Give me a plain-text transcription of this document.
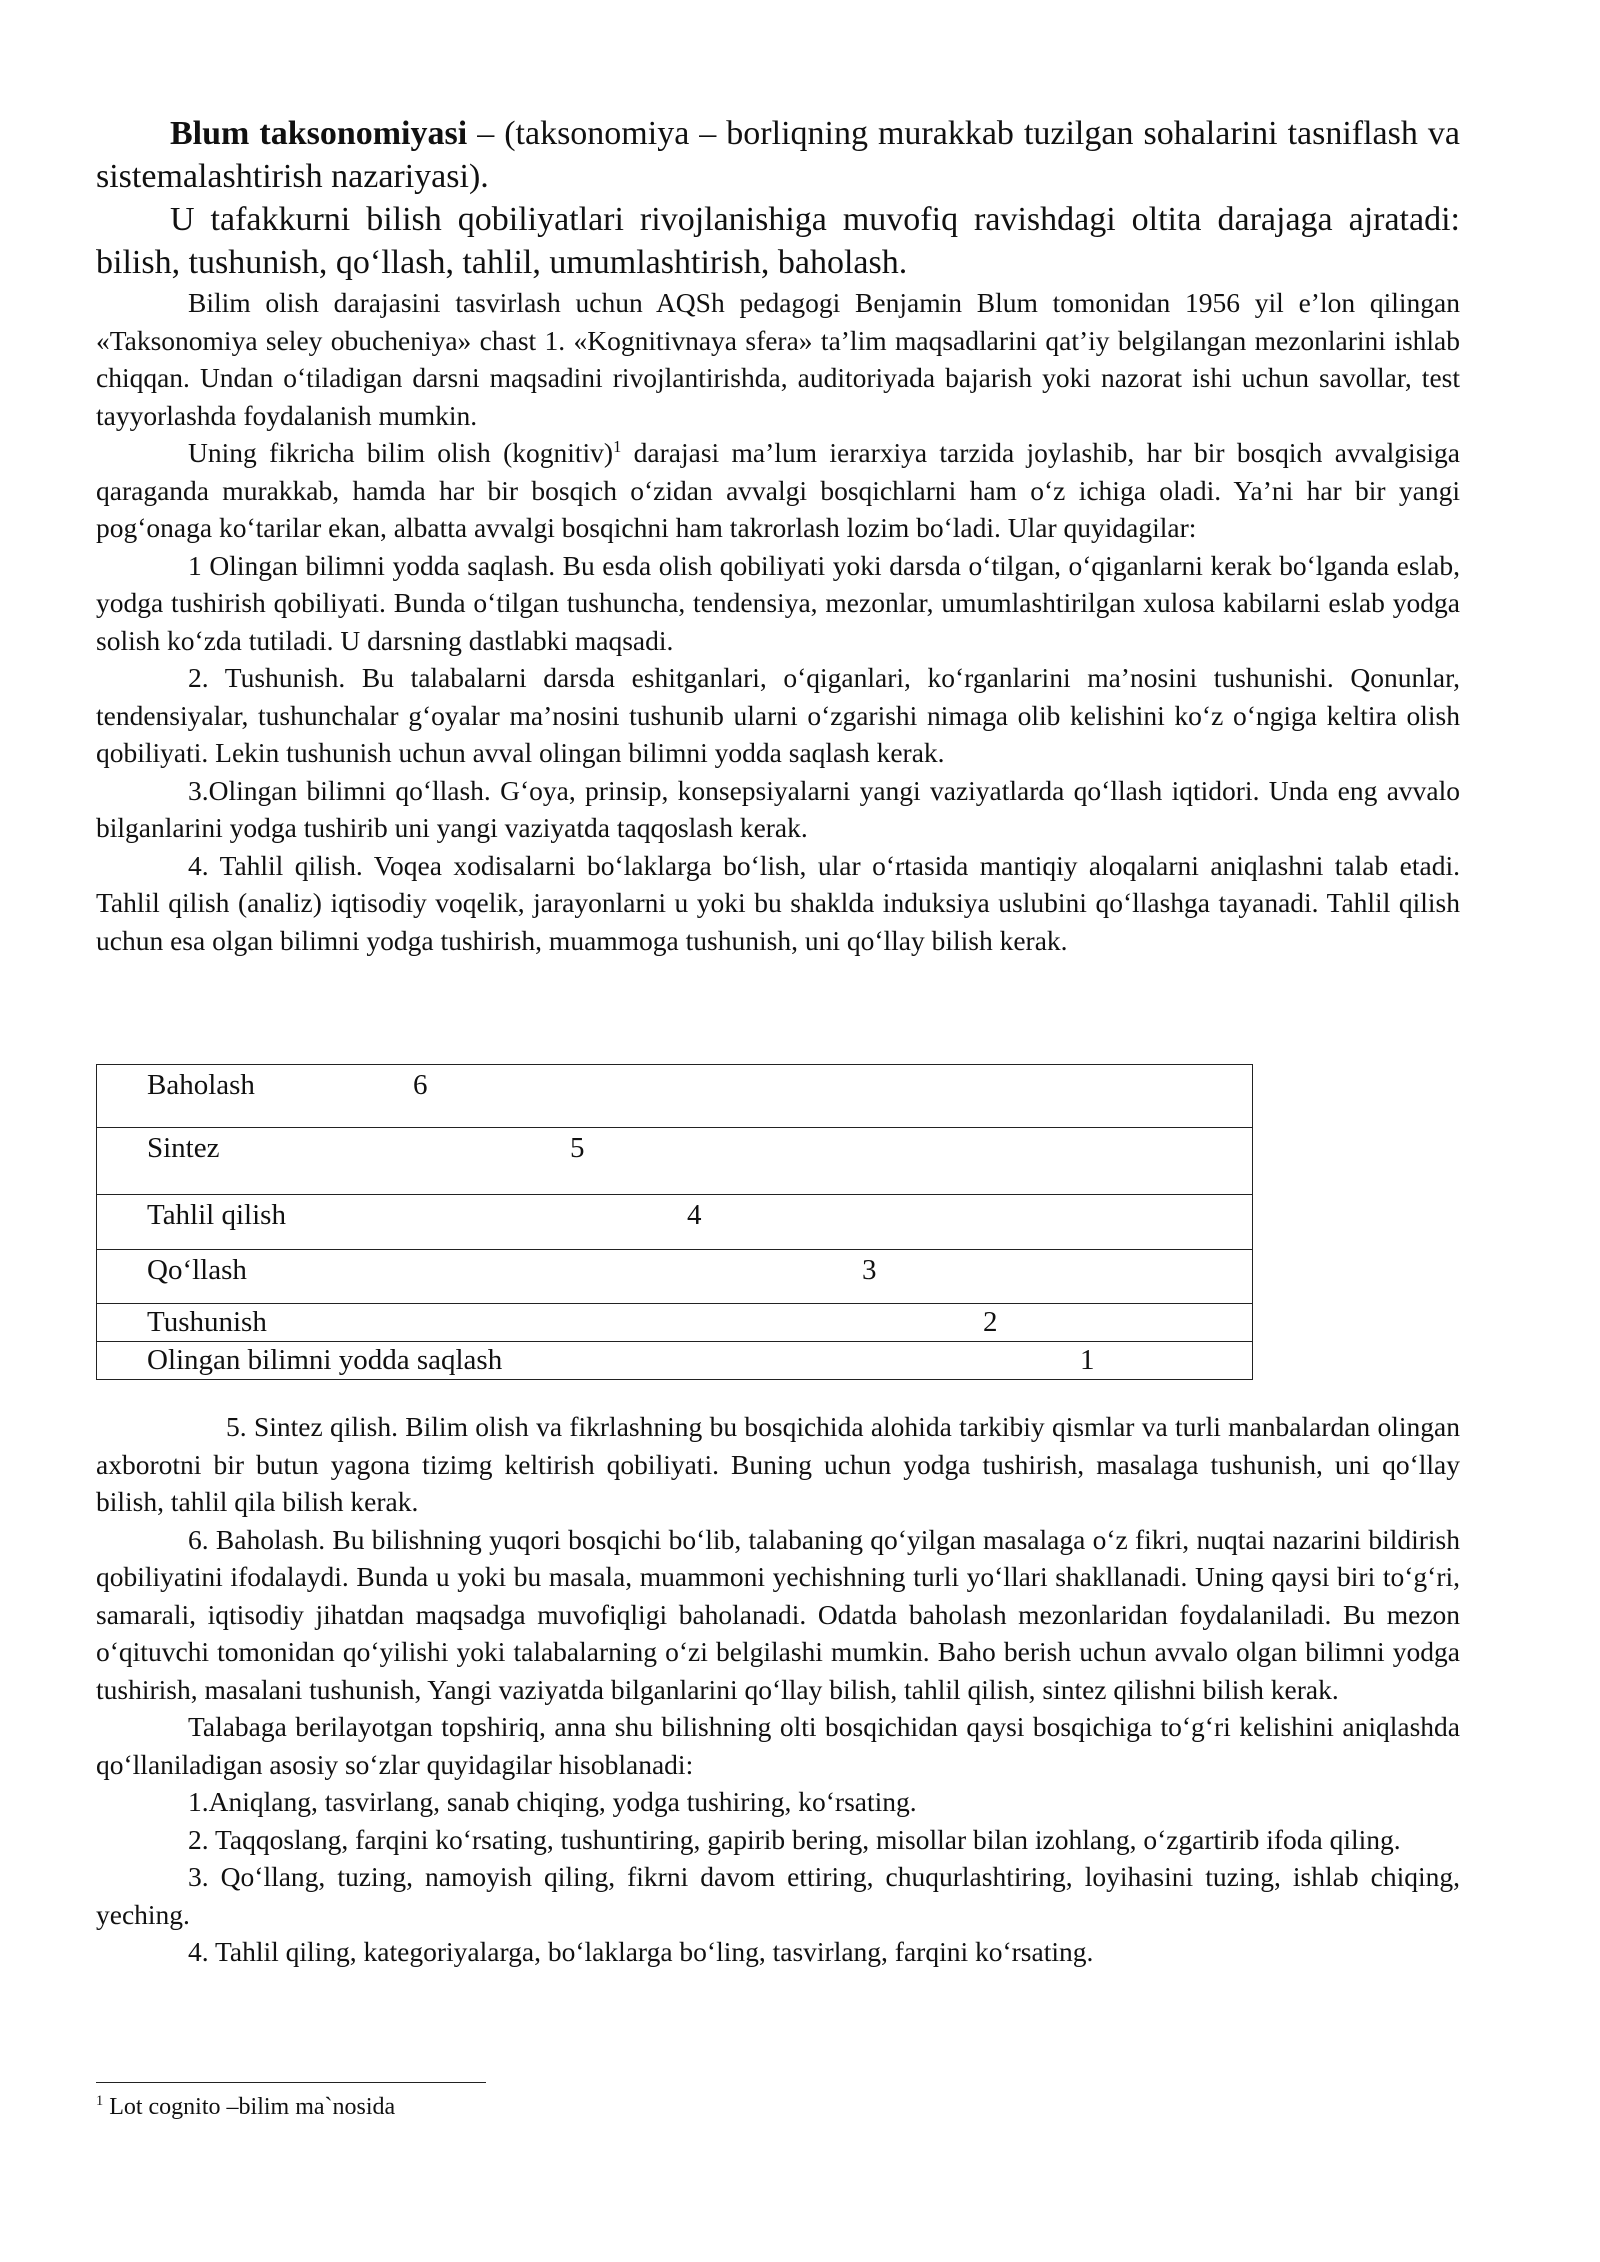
Blum taksonomiyasi – (taksonomiya – borliqning murakkab tuzilgan sohalarini tasniflash va sistemalashtirish nazariyasi).

U tafakkurni bilish qobiliyatlari rivojlanishiga muvofiq ravishdagi oltita darajaga ajratadi: bilish, tushunish, qo‘llash, tahlil, umumlashtirish, baholash.

Bilim olish darajasini tasvirlash uchun AQSh pedagogi Benjamin Blum tomonidan 1956 yil e’lon qilingan «Taksonomiya seley obucheniya» chast 1. «Kognitivnaya sfera» ta’lim maqsadlarini qat’iy belgilangan mezonlarini ishlab chiqqan. Undan o‘tiladigan darsni maqsadini rivojlantirishda, auditoriyada bajarish yoki nazorat ishi uchun savollar, test tayyorlashda foydalanish mumkin.

Uning fikricha bilim olish (kognitiv)$^1$ darajasi ma’lum ierarxiya tarzida joylashib, har bir bosqich avvalgisiga qaraganda murakkab, hamda har bir bosqich o‘zidan avvalgi bosqichlarni ham o‘z ichiga oladi. Ya’ni har bir yangi pog‘onaga ko‘tarilar ekan, albatta avvalgi bosqichni ham takrorlash lozim bo‘ladi. Ular quyidagilar:

1 Olingan bilimni yodda saqlash. Bu esda olish qobiliyati yoki darsda o‘tilgan, o‘qiganlarni kerak bo‘lganda eslab, yodga tushirish qobiliyati. Bunda o‘tilgan tushuncha, tendensiya, mezonlar, umumlashtirilgan xulosa kabilarni eslab yodga solish ko‘zda tutiladi. U darsning dastlabki maqsadi.

2. Tushunish. Bu talabalarni darsda eshitganlari, o‘qiganlari, ko‘rganlarini ma’nosini tushunishi. Qonunlar, tendensiyalar, tushunchalar g‘oyalar ma’nosini tushunib ularni o‘zgarishi nimaga olib kelishini ko‘z o‘ngiga keltira olish qobiliyati. Lekin tushunish uchun avval olingan bilimni yodda saqlash kerak.

3.Olingan bilimni qo‘llash. G‘oya, prinsip, konsepsiyalarni yangi vaziyatlarda qo‘llash iqtidori. Unda eng avvalo bilganlarini yodga tushirib uni yangi vaziyatda taqqoslash kerak.

4. Tahlil qilish. Voqea xodisalarni bo‘laklarga bo‘lish, ular o‘rtasida mantiqiy aloqalarni aniqlashni talab etadi. Tahlil qilish (analiz) iqtisodiy voqelik, jarayonlarni u yoki bu shaklda induksiya uslubini qo‘llashga tayanadi. Tahlil qilish uchun esa olgan bilimni yodga tushirish, muammoga tushunish, uni qo‘llay bilish kerak.

Baholash	6

Sintez	5

Tahlil qilish	4

Qo‘llash	3

Tushunish	2

Olingan bilimni yodda saqlash	1

5. Sintez qilish. Bilim olish va fikrlashning bu bosqichida alohida tarkibiy qismlar va turli manbalardan olingan axborotni bir butun yagona tizimg keltirish qobiliyati. Buning uchun yodga tushirish, masalaga tushunish, uni qo‘llay bilish, tahlil qila bilish kerak.

6. Baholash. Bu bilishning yuqori bosqichi bo‘lib, talabaning qo‘yilgan masalaga o‘z fikri, nuqtai nazarini bildirish qobiliyatini ifodalaydi. Bunda u yoki bu masala, muammoni yechishning turli yo‘llari shakllanadi. Uning qaysi biri to‘g‘ri, samarali, iqtisodiy jihatdan maqsadga muvofiqligi baholanadi. Odatda baholash mezonlaridan foydalaniladi. Bu mezon o‘qituvchi tomonidan qo‘yilishi yoki talabalarning o‘zi belgilashi mumkin. Baho berish uchun avvalo olgan bilimni yodga tushirish, masalani tushunish, Yangi vaziyatda bilganlarini qo‘llay bilish, tahlil qilish, sintez qilishni bilish kerak.

Talabaga berilayotgan topshiriq, anna shu bilishning olti bosqichidan qaysi bosqichiga to‘g‘ri kelishini aniqlashda qo‘llaniladigan asosiy so‘zlar quyidagilar hisoblanadi:

1.Aniqlang, tasvirlang, sanab chiqing, yodga tushiring, ko‘rsating.

2. Taqqoslang, farqini ko‘rsating, tushuntiring, gapirib bering, misollar bilan izohlang, o‘zgartirib ifoda qiling.

3. Qo‘llang, tuzing, namoyish qiling, fikrni davom ettiring, chuqurlashtiring, loyihasini tuzing, ishlab chiqing, yeching.

4. Tahlil qiling, kategoriyalarga, bo‘laklarga bo‘ling, tasvirlang, farqini ko‘rsating.

$^1$ Lot cognito –bilim ma`nosida
